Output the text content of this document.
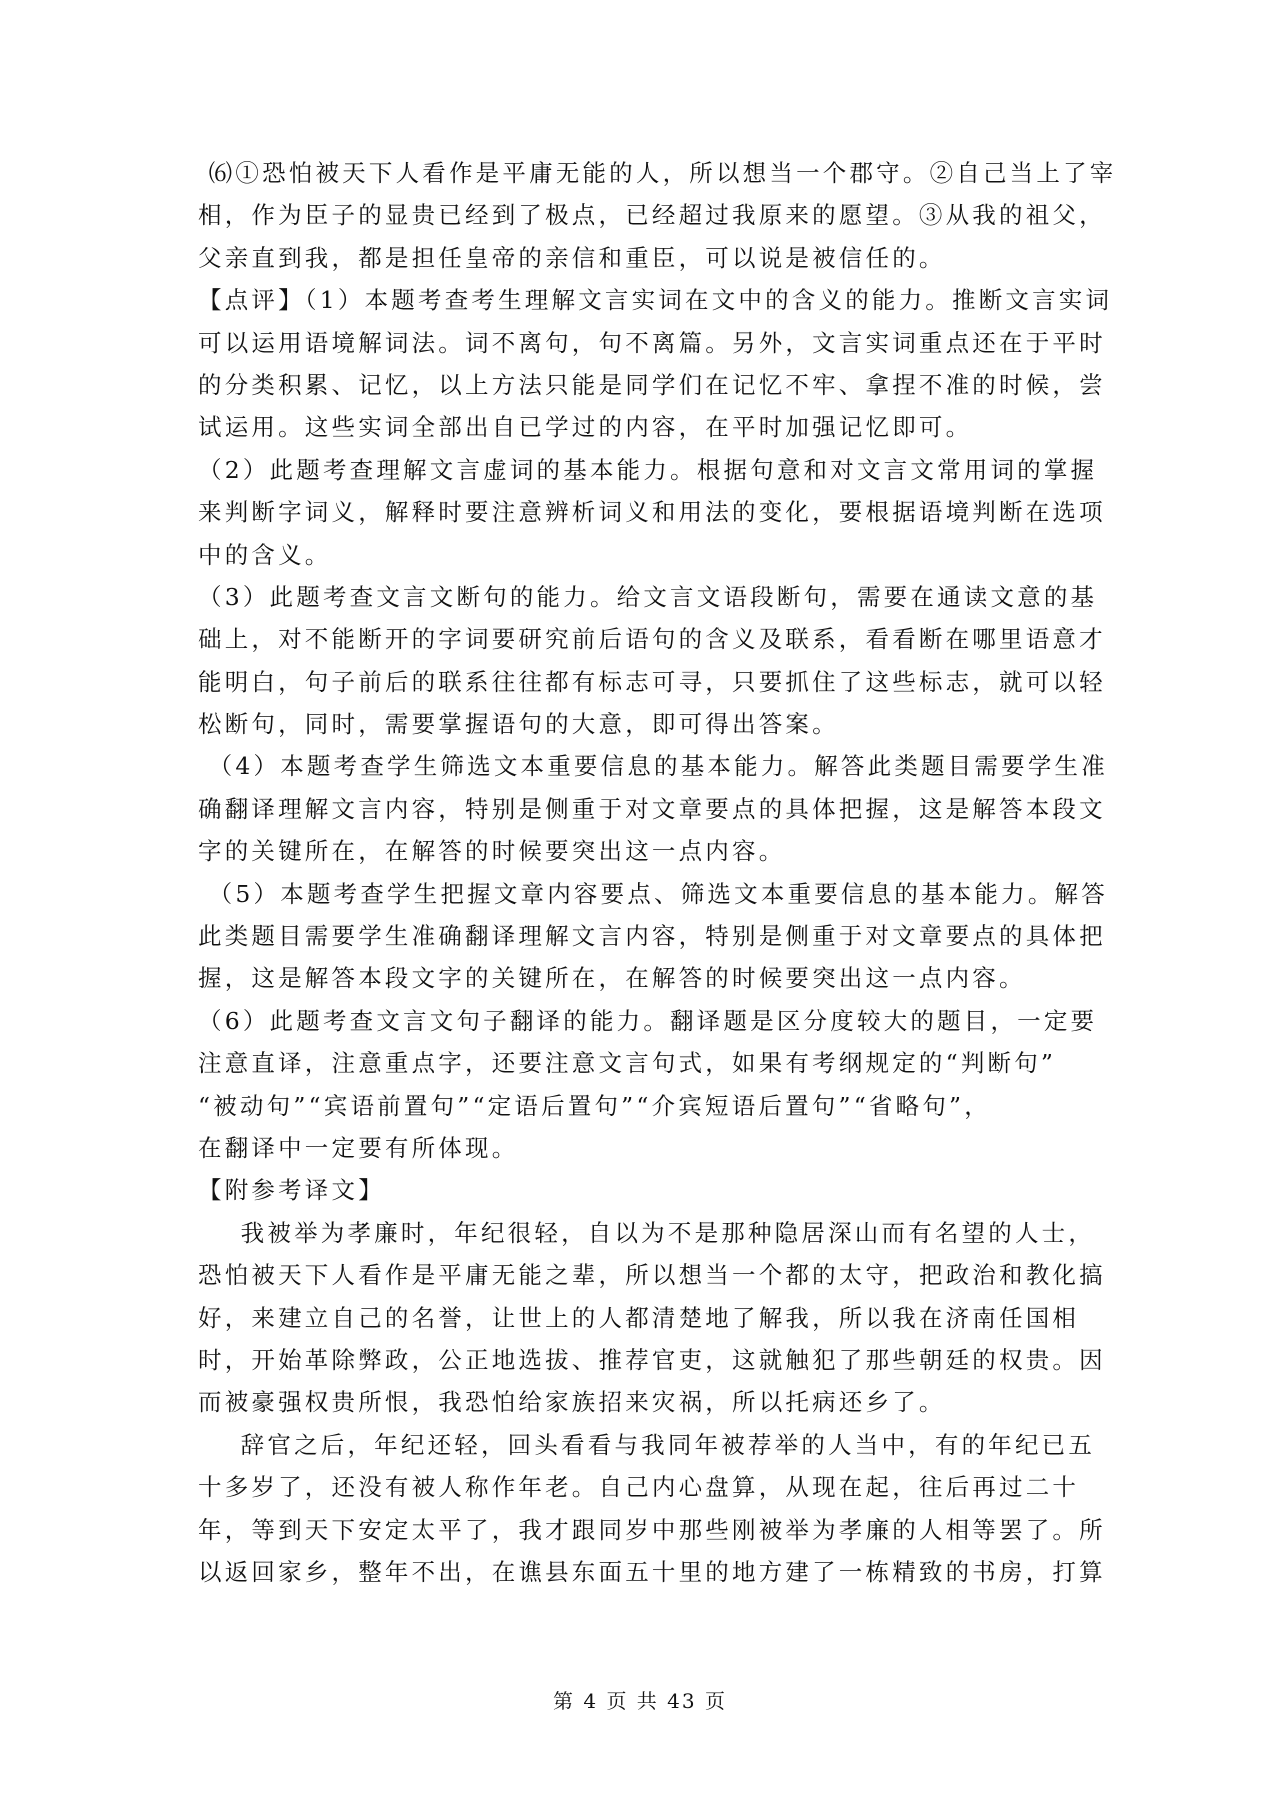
⑹①恐怕被天下人看作是平庸无能的人，所以想当一个郡守。②自己当上了宰
相，作为臣子的显贵已经到了极点，已经超过我原来的愿望。③从我的祖父，
父亲直到我，都是担任皇帝的亲信和重臣，可以说是被信任的。
【点评】（1）本题考查考生理解文言实词在文中的含义的能力。推断文言实词
可以运用语境解词法。词不离句，句不离篇。另外，文言实词重点还在于平时
的分类积累、记忆，以上方法只能是同学们在记忆不牢、拿捏不准的时候，尝
试运用。这些实词全部出自已学过的内容，在平时加强记忆即可。
（2）此题考查理解文言虚词的基本能力。根据句意和对文言文常用词的掌握
来判断字词义，解释时要注意辨析词义和用法的变化，要根据语境判断在选项
中的含义。
（3）此题考查文言文断句的能力。给文言文语段断句，需要在通读文意的基
础上，对不能断开的字词要研究前后语句的含义及联系，看看断在哪里语意才
能明白，句子前后的联系往往都有标志可寻，只要抓住了这些标志，就可以轻
松断句，同时，需要掌握语句的大意，即可得出答案。
（4）本题考查学生筛选文本重要信息的基本能力。解答此类题目需要学生准
确翻译理解文言内容，特别是侧重于对文章要点的具体把握，这是解答本段文
字的关键所在，在解答的时候要突出这一点内容。
（5）本题考查学生把握文章内容要点、筛选文本重要信息的基本能力。解答
此类题目需要学生准确翻译理解文言内容，特别是侧重于对文章要点的具体把
握，这是解答本段文字的关键所在，在解答的时候要突出这一点内容。
（6）此题考查文言文句子翻译的能力。翻译题是区分度较大的题目，一定要
注意直译，注意重点字，还要注意文言句式，如果有考纲规定的“判断句”
“被动句”“宾语前置句”“定语后置句”“介宾短语后置句”“省略句”，
在翻译中一定要有所体现。
【附参考译文】
我被举为孝廉时，年纪很轻，自以为不是那种隐居深山而有名望的人士，
恐怕被天下人看作是平庸无能之辈，所以想当一个都的太守，把政治和教化搞
好，来建立自己的名誉，让世上的人都清楚地了解我，所以我在济南任国相
时，开始革除弊政，公正地选拔、推荐官吏，这就触犯了那些朝廷的权贵。因
而被豪强权贵所恨，我恐怕给家族招来灾祸，所以托病还乡了。
辞官之后，年纪还轻，回头看看与我同年被荐举的人当中，有的年纪已五
十多岁了，还没有被人称作年老。自己内心盘算，从现在起，往后再过二十
年，等到天下安定太平了，我才跟同岁中那些刚被举为孝廉的人相等罢了。所
以返回家乡，整年不出，在谯县东面五十里的地方建了一栋精致的书房，打算
第 4 页 共 43 页
